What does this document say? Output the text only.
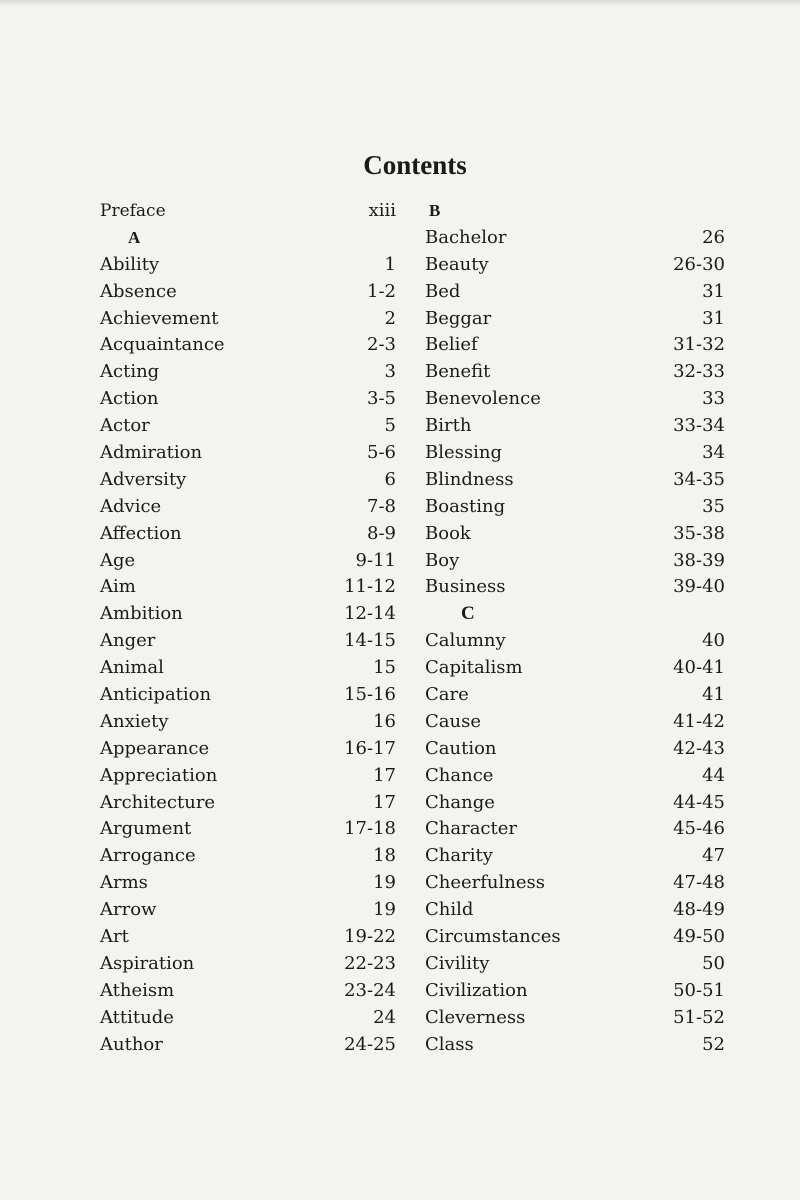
Contents
Preface	xiii
A
Ability	1
Absence	1-2
Achievement	2
Acquaintance	2-3
Acting	3
Action	3-5
Actor	5
Admiration	5-6
Adversity	6
Advice	7-8
Affection	8-9
Age	9-11
Aim	11-12
Ambition	12-14
Anger	14-15
Animal	15
Anticipation	15-16
Anxiety	16
Appearance	16-17
Appreciation	17
Architecture	17
Argument	17-18
Arrogance	18
Arms	19
Arrow	19
Art	19-22
Aspiration	22-23
Atheism	23-24
Attitude	24
Author	24-25
B
Bachelor	26
Beauty	26-30
Bed	31
Beggar	31
Belief	31-32
Benefit	32-33
Benevolence	33
Birth	33-34
Blessing	34
Blindness	34-35
Boasting	35
Book	35-38
Boy	38-39
Business	39-40
C
Calumny	40
Capitalism	40-41
Care	41
Cause	41-42
Caution	42-43
Chance	44
Change	44-45
Character	45-46
Charity	47
Cheerfulness	47-48
Child	48-49
Circumstances	49-50
Civility	50
Civilization	50-51
Cleverness	51-52
Class	52
